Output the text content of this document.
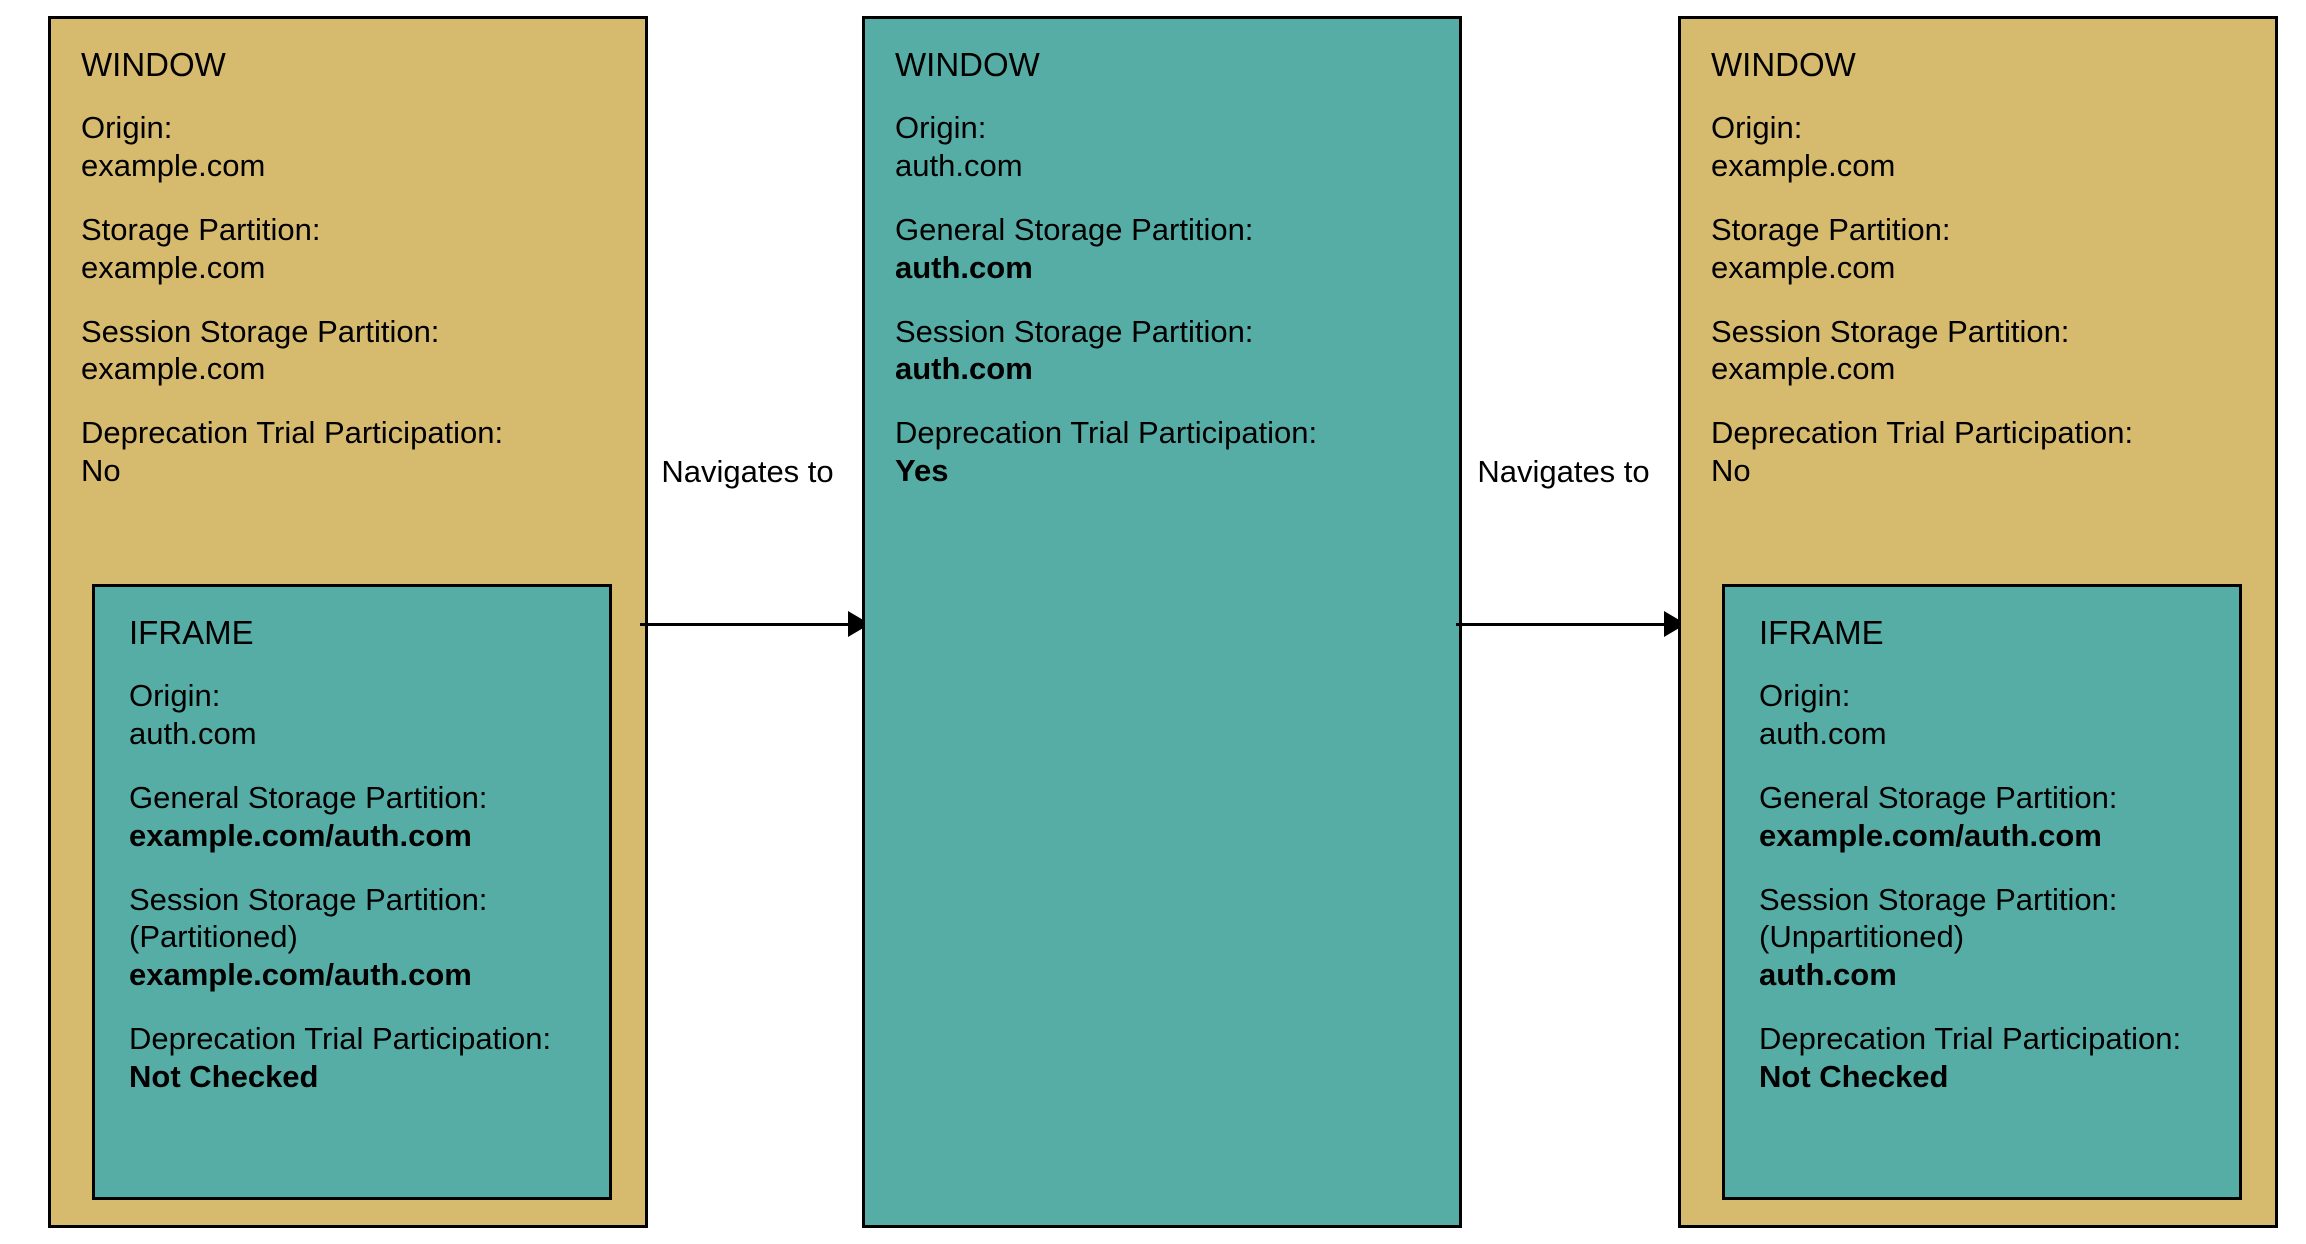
WINDOW
Origin:
example.com
Storage Partition:
example.com
Session Storage Partition:
example.com
Deprecation Trial Participation:
No
IFRAME
Origin:
auth.com
General Storage Partition:
example.com/auth.com
Session Storage Partition:
(Partitioned)
example.com/auth.com
Deprecation Trial Participation:
Not Checked
Navigates to
WINDOW
Origin:
auth.com
General Storage Partition:
auth.com
Session Storage Partition:
auth.com
Deprecation Trial Participation:
Yes	Navigates to
WINDOW
Origin:
example.com
Storage Partition:
example.com
Session Storage Partition:
example.com
Deprecation Trial Participation:
No
IFRAME
Origin:
auth.com
General Storage Partition:
example.com/auth.com
Session Storage Partition:
(Unpartitioned)
auth.com
Deprecation Trial Participation:
Not Checked
